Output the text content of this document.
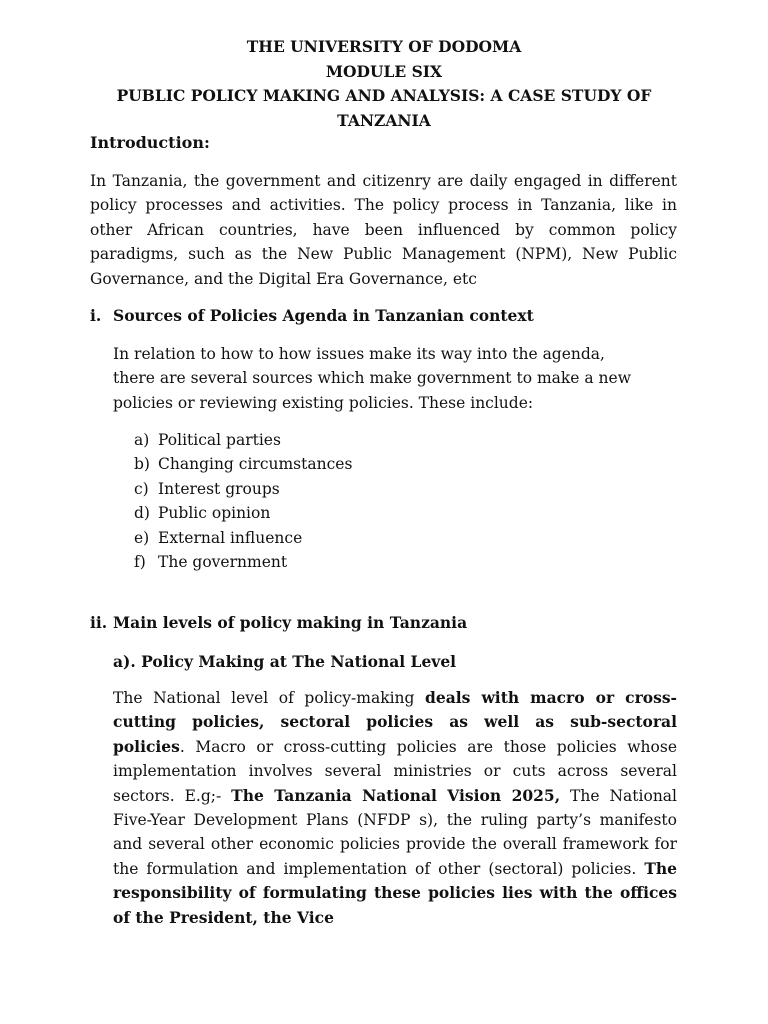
THE UNIVERSITY OF DODOMA
MODULE SIX
PUBLIC POLICY MAKING AND ANALYSIS: A CASE STUDY OF
TANZANIA
Introduction:
In Tanzania, the government and citizenry are daily engaged in different policy processes and activities. The policy process in Tanzania, like in other African countries, have been influenced by common policy paradigms, such as the New Public Management (NPM), New Public Governance, and the Digital Era Governance, etc
i. Sources of Policies Agenda in Tanzanian context
In relation to how to how issues make its way into the agenda,
there are several sources which make government to make a new
policies or reviewing existing policies. These include:
a) Political parties
b) Changing circumstances
c) Interest groups
d) Public opinion
e) External influence
f) The government
ii. Main levels of policy making in Tanzania
a). Policy Making at The National Level
The National level of policy-making deals with macro or cross-cutting policies, sectoral policies as well as sub-sectoral policies. Macro or cross-cutting policies are those policies whose implementation involves several ministries or cuts across several sectors. E.g;- The Tanzania National Vision 2025, The National Five-Year Development Plans (NFDP s), the ruling party’s manifesto and several other economic policies provide the overall framework for the formulation and implementation of other (sectoral) policies. The responsibility of formulating these policies lies with the offices of the President, the Vice
